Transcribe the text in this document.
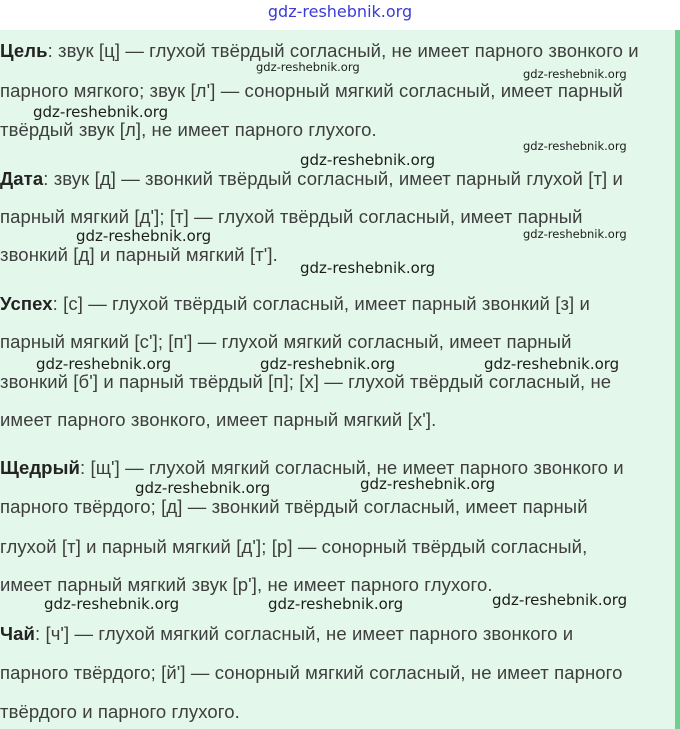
gdz-reshebnik.org
Цель: звук [ц] — глухой твёрдый согласный, не имеет парного звонкого и
парного мягкого; звук [л'] — сонорный мягкий согласный, имеет парный
твёрдый звук [л], не имеет парного глухого.
Дата: звук [д] — звонкий твёрдый согласный, имеет парный глухой [т] и
парный мягкий [д']; [т] — глухой твёрдый согласный, имеет парный
звонкий [д] и парный мягкий [т'].
Успех: [с] — глухой твёрдый согласный, имеет парный звонкий [з] и
парный мягкий [с']; [п'] — глухой мягкий согласный, имеет парный
звонкий [б'] и парный твёрдый [п]; [х] — глухой твёрдый согласный, не
имеет парного звонкого, имеет парный мягкий [х'].
Щедрый: [щ'] — глухой мягкий согласный, не имеет парного звонкого и
парного твёрдого; [д] — звонкий твёрдый согласный, имеет парный
глухой [т] и парный мягкий [д']; [р] — сонорный твёрдый согласный,
имеет парный мягкий звук [р'], не имеет парного глухого.
Чай: [ч'] — глухой мягкий согласный, не имеет парного звонкого и
парного твёрдого; [й'] — сонорный мягкий согласный, не имеет парного
твёрдого и парного глухого.
gdz-reshebnik.org	gdz-reshebnik.org
gdz-reshebnik.org
gdz-reshebnik.org
gdz-reshebnik.org
gdz-reshebnik.org	gdz-reshebnik.org
gdz-reshebnik.org
gdz-reshebnik.org	gdz-reshebnik.org	gdz-reshebnik.org
gdz-reshebnik.org	gdz-reshebnik.org
gdz-reshebnik.org	gdz-reshebnik.org	gdz-reshebnik.org
